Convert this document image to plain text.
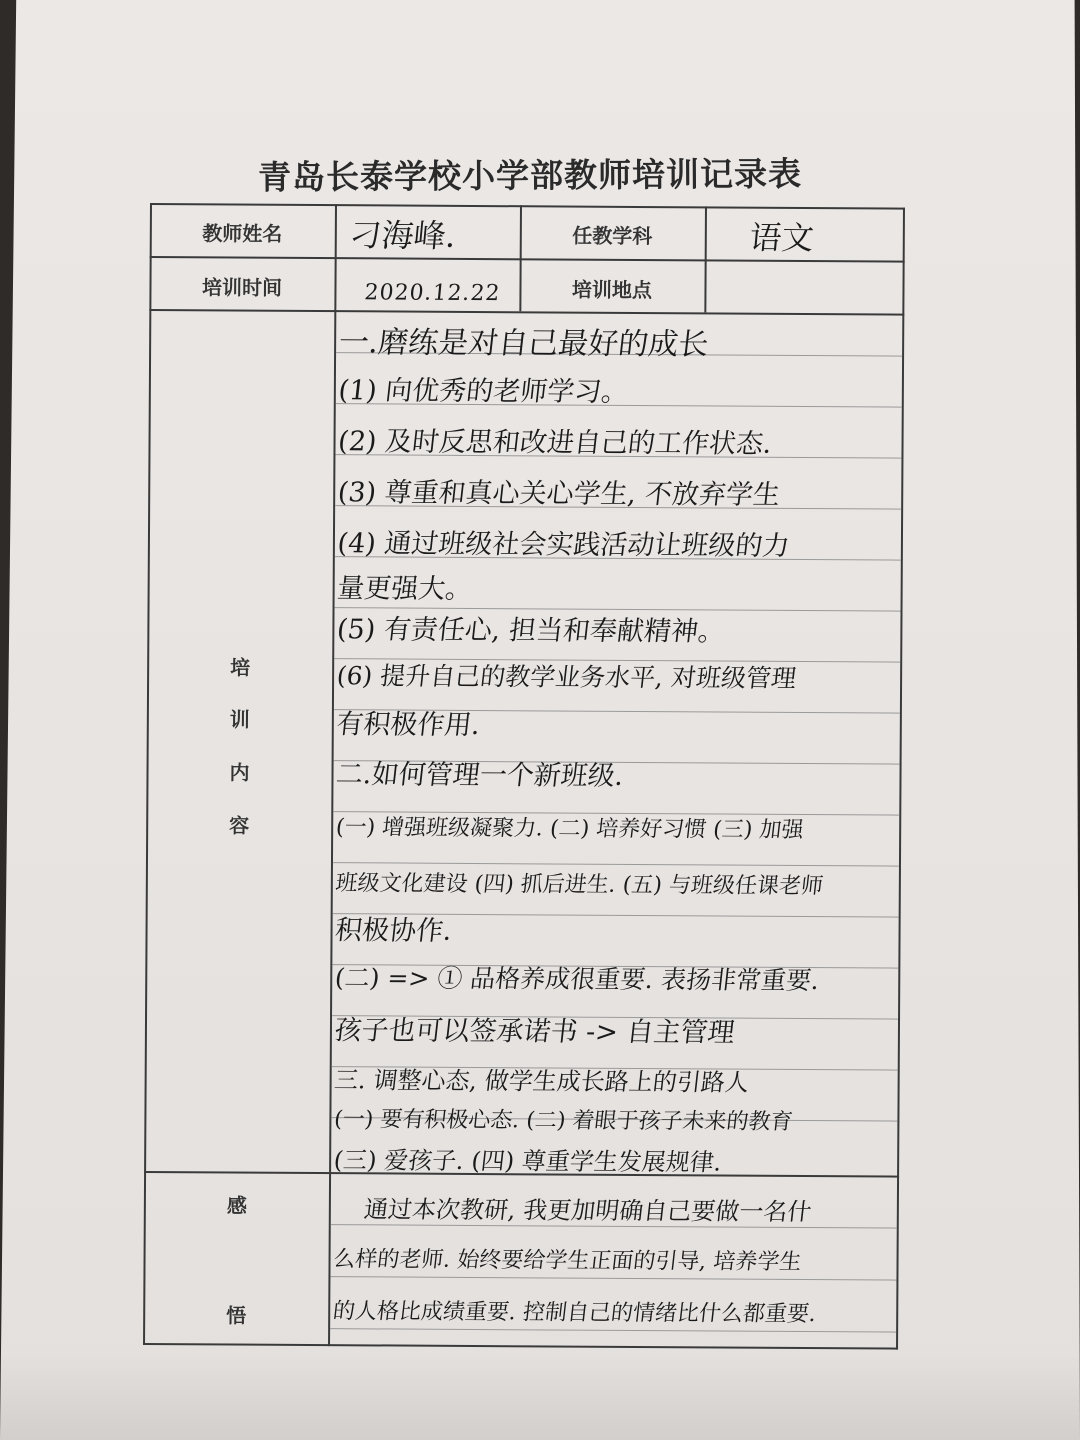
青岛长泰学校小学部教师培训记录表
教师姓名	刁海峰.	任教学科	语文
培训时间	2020.12.22	培训地点
培
训
内
容
一.磨练是对自己最好的成长
(1) 向优秀的老师学习。
(2) 及时反思和改进自己的工作状态.
(3) 尊重和真心关心学生, 不放弃学生
(4) 通过班级社会实践活动让班级的力
量更强大。
(5) 有责任心, 担当和奉献精神。
(6) 提升自己的教学业务水平, 对班级管理
有积极作用.
二.如何管理一个新班级.
(一) 增强班级凝聚力. (二) 培养好习惯 (三) 加强
班级文化建设 (四) 抓后进生. (五) 与班级任课老师
积极协作.
(二) => ① 品格养成很重要. 表扬非常重要.
孩子也可以签承诺书 -> 自主管理
三. 调整心态, 做学生成长路上的引路人
(一) 要有积极心态. (二) 着眼于孩子未来的教育
(三) 爱孩子. (四) 尊重学生发展规律.
感
悟
通过本次教研, 我更加明确自己要做一名什
么样的老师. 始终要给学生正面的引导, 培养学生
的人格比成绩重要. 控制自己的情绪比什么都重要.
